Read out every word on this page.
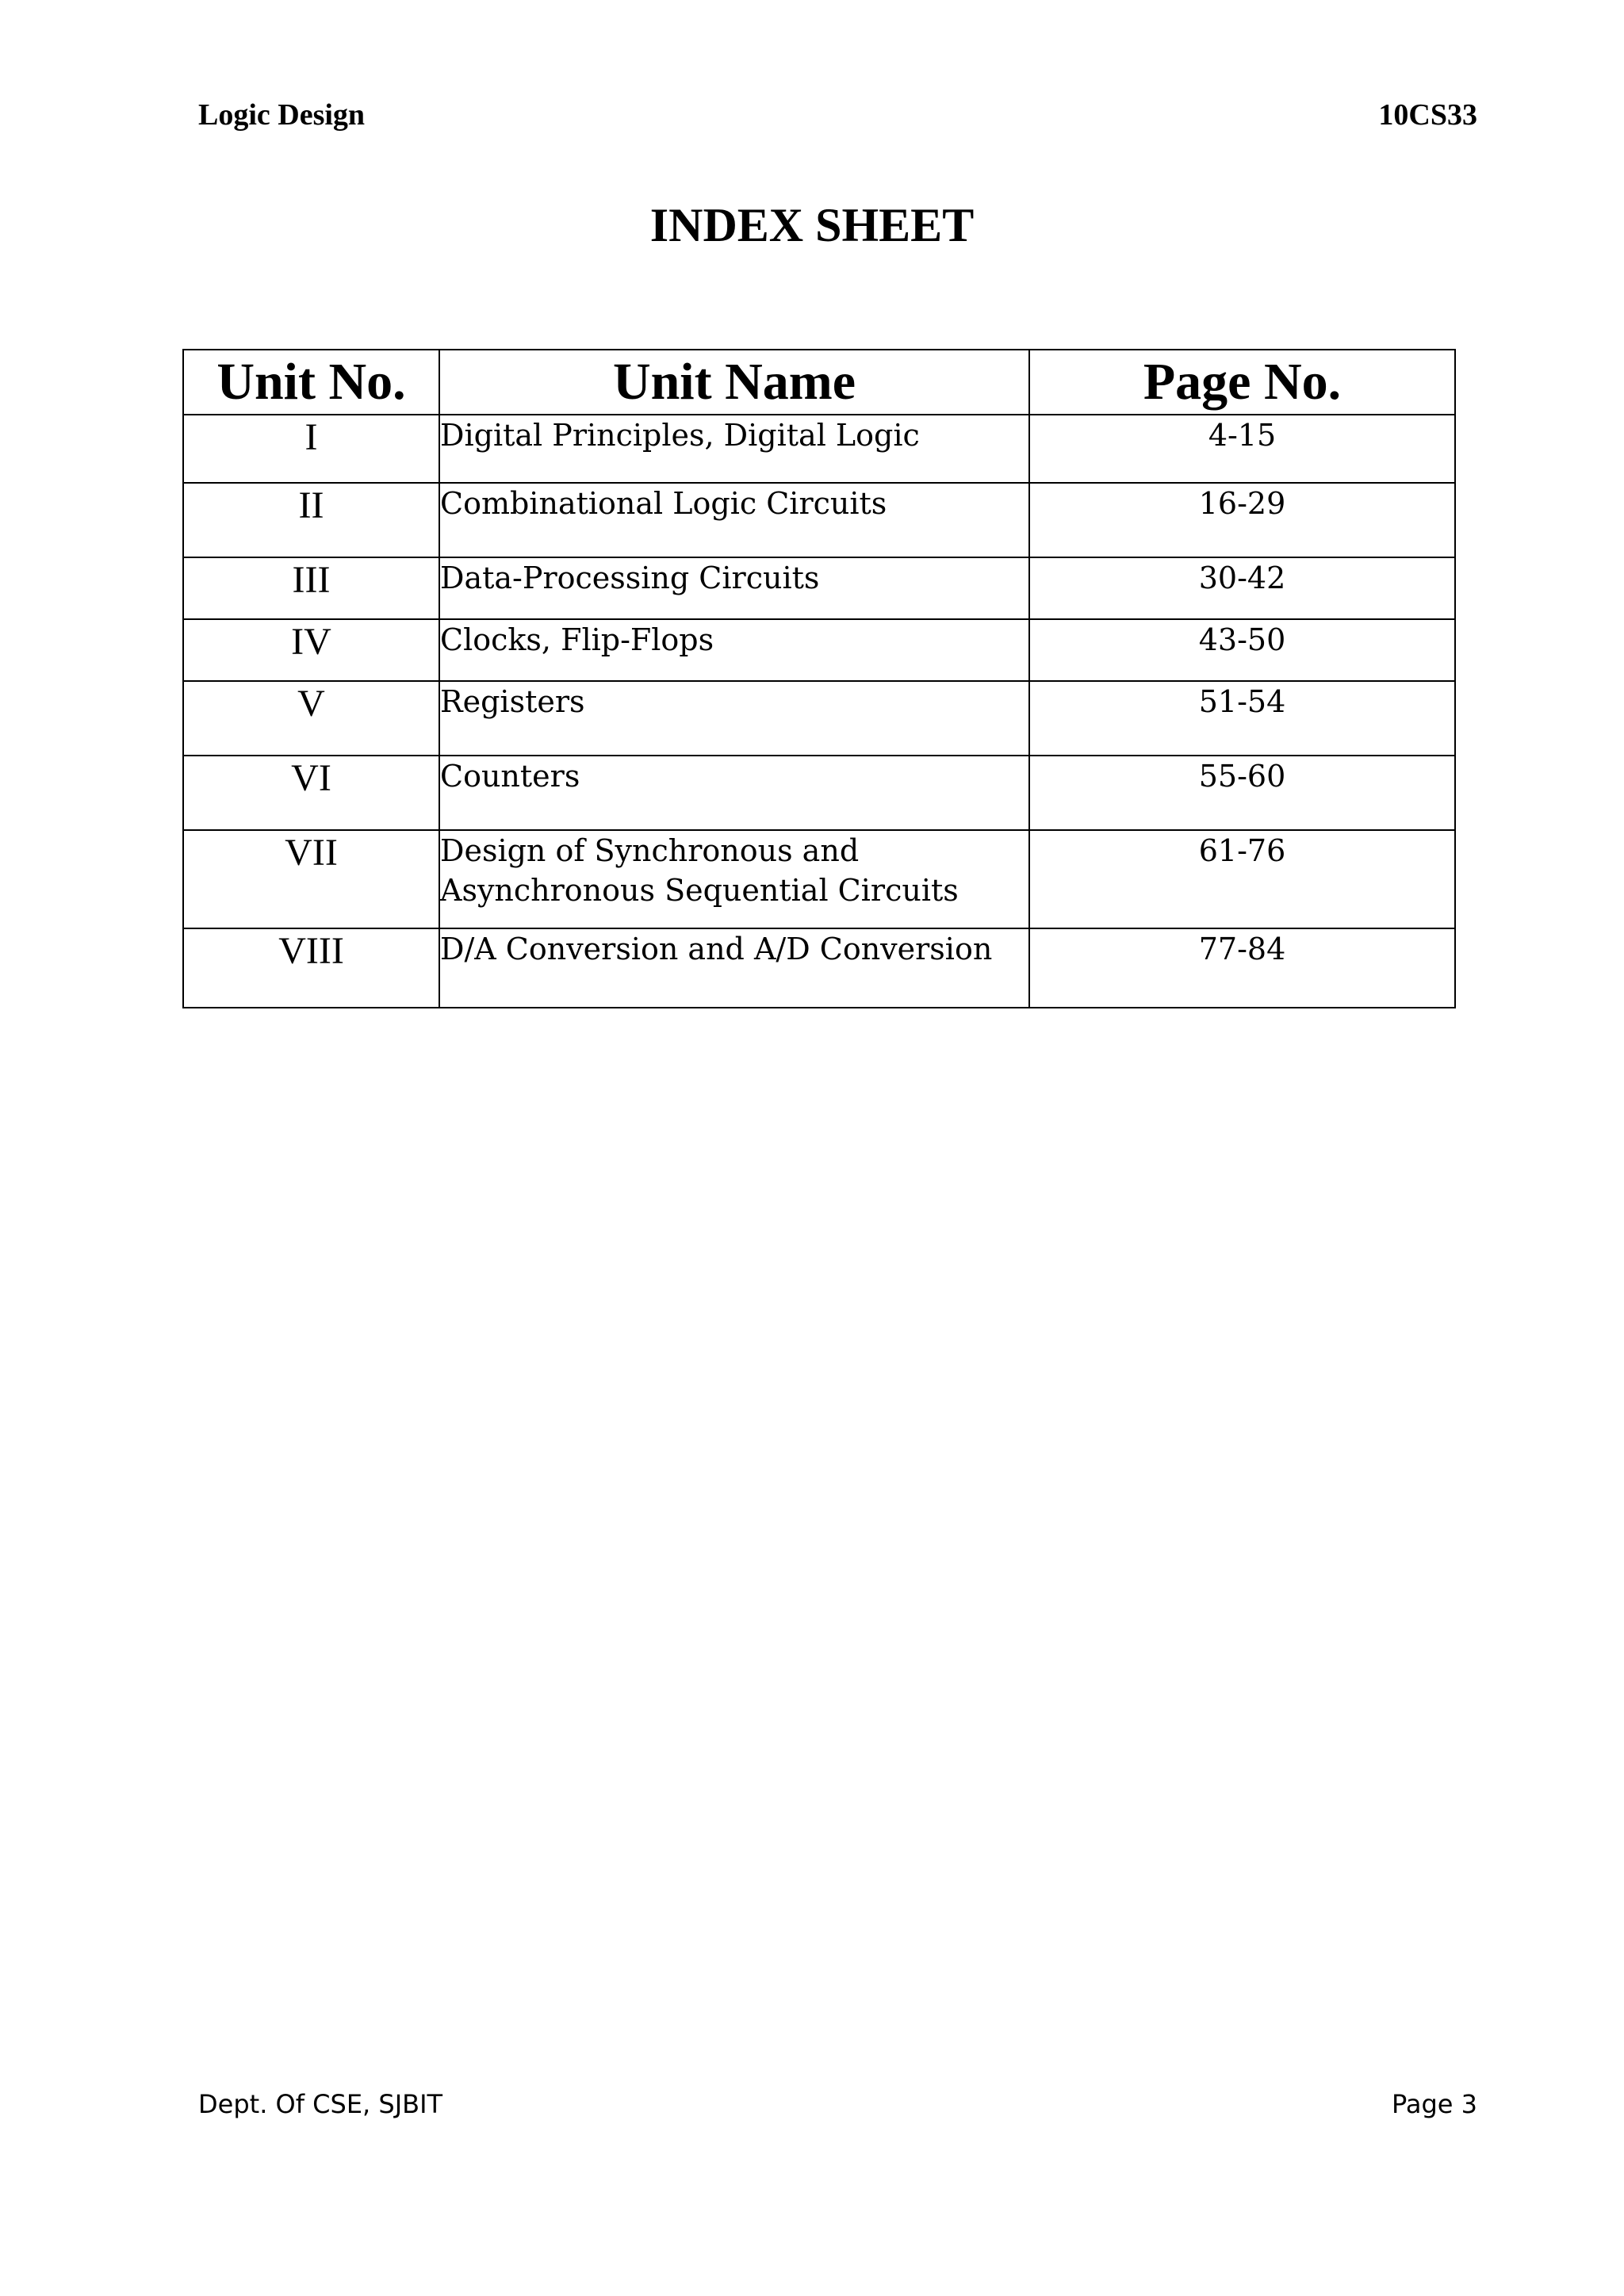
Logic Design	10CS33
INDEX SHEET
Unit No.	Unit Name	Page No.
I	Digital Principles, Digital Logic	4-15
II	Combinational Logic Circuits	16-29
III	Data-Processing Circuits	30-42
IV	Clocks, Flip-Flops	43-50
V	Registers	51-54
VI	Counters	55-60
VII	Design of Synchronous and Asynchronous Sequential Circuits	61-76
VIII	D/A Conversion and A/D Conversion	77-84
Dept. Of CSE, SJBIT	Page 3
